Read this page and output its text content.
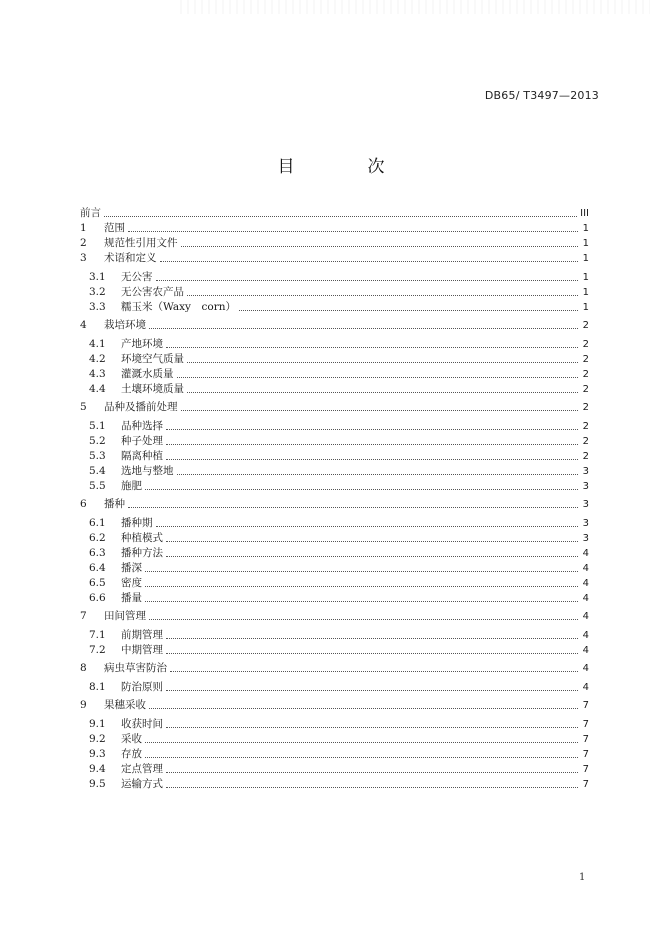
DB65/ T3497—2013
目　次
前言	III
1	范围	1
2	规范性引用文件	1
3	术语和定义	1
3.1	无公害	1
3.2	无公害农产品	1
3.3	糯玉米（Waxy　corn）	1
4	栽培环境	2
4.1	产地环境	2
4.2	环境空气质量	2
4.3	灌溉水质量	2
4.4	土壤环境质量	2
5	品种及播前处理	2
5.1	品种选择	2
5.2	种子处理	2
5.3	隔离种植	2
5.4	选地与整地	3
5.5	施肥	3
6	播种	3
6.1	播种期	3
6.2	种植模式	3
6.3	播种方法	4
6.4	播深	4
6.5	密度	4
6.6	播量	4
7	田间管理	4
7.1	前期管理	4
7.2	中期管理	4
8	病虫草害防治	4
8.1	防治原则	4
9	果穗采收	7
9.1	收获时间	7
9.2	采收	7
9.3	存放	7
9.4	定点管理	7
9.5	运输方式	7
1
